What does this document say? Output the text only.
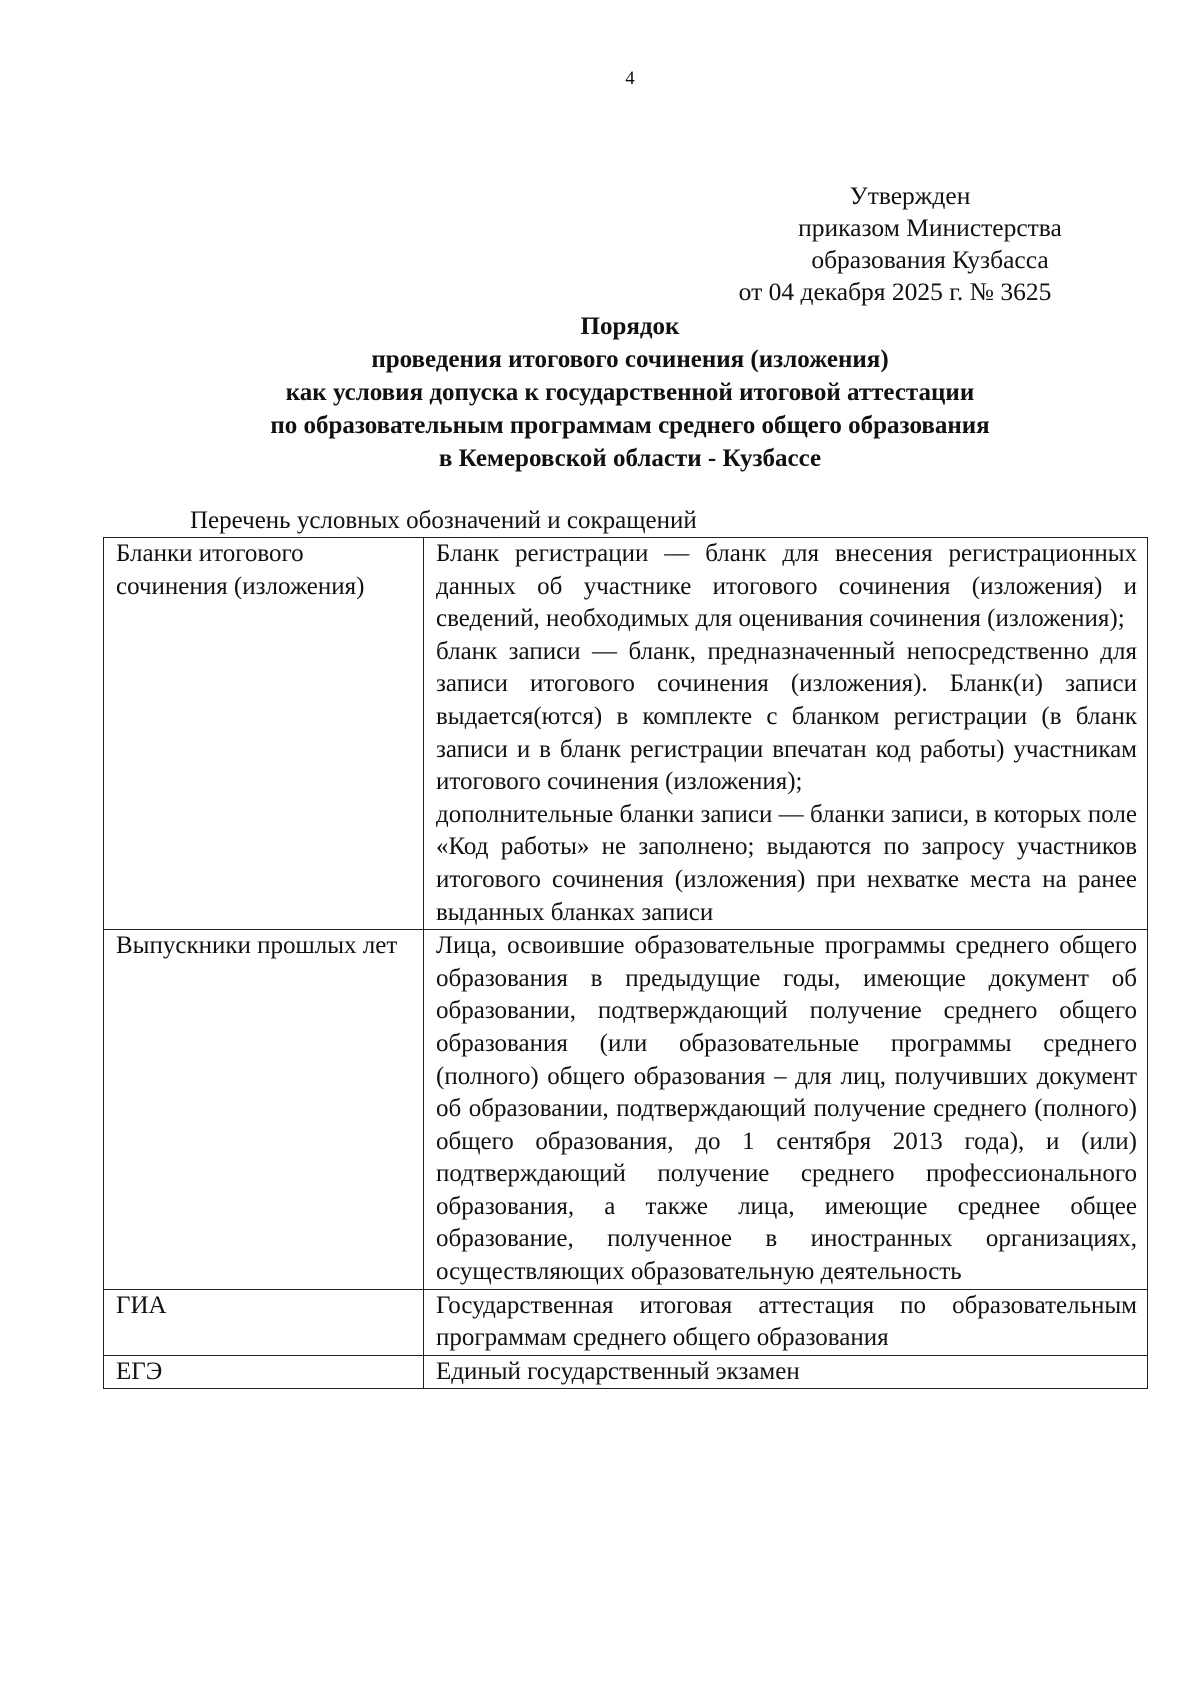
4
Утвержден
приказом Министерства
образования Кузбасса
от 04 декабря 2025 г. № 3625
Порядок
проведения итогового сочинения (изложения)
как условия допуска к государственной итоговой аттестации
по образовательным программам среднего общего образования
в Кемеровской области - Кузбассе
Перечень условных обозначений и сокращений
Бланки итогового сочинения (изложения)	Бланк регистрации — бланк для внесения регистрационных данных об участнике итогового сочинения (изложения) и сведений, необходимых для оценивания сочинения (изложения);
бланк записи — бланк, предназначенный непосредственно для записи итогового сочинения (изложения). Бланк(и) записи выдается(ются) в комплекте с бланком регистрации (в бланк записи и в бланк регистрации впечатан код работы) участникам итогового сочинения (изложения);
дополнительные бланки записи — бланки записи, в которых поле «Код работы» не заполнено; выдаются по запросу участников итогового сочинения (изложения) при нехватке места на ранее выданных бланках записи

Выпускники прошлых лет	Лица, освоившие образовательные программы среднего общего образования в предыдущие годы, имеющие документ об образовании, подтверждающий получение среднего общего образования (или образовательные программы среднего (полного) общего образования – для лиц, получивших документ об образовании, подтверждающий получение среднего (полного) общего образования, до 1 сентября 2013 года), и (или) подтверждающий получение среднего профессионального образования, а также лица, имеющие среднее общее образование, полученное в иностранных организациях, осуществляющих образовательную деятельность

ГИА	Государственная итоговая аттестация по образовательным программам среднего общего образования

ЕГЭ	Единый государственный экзамен
